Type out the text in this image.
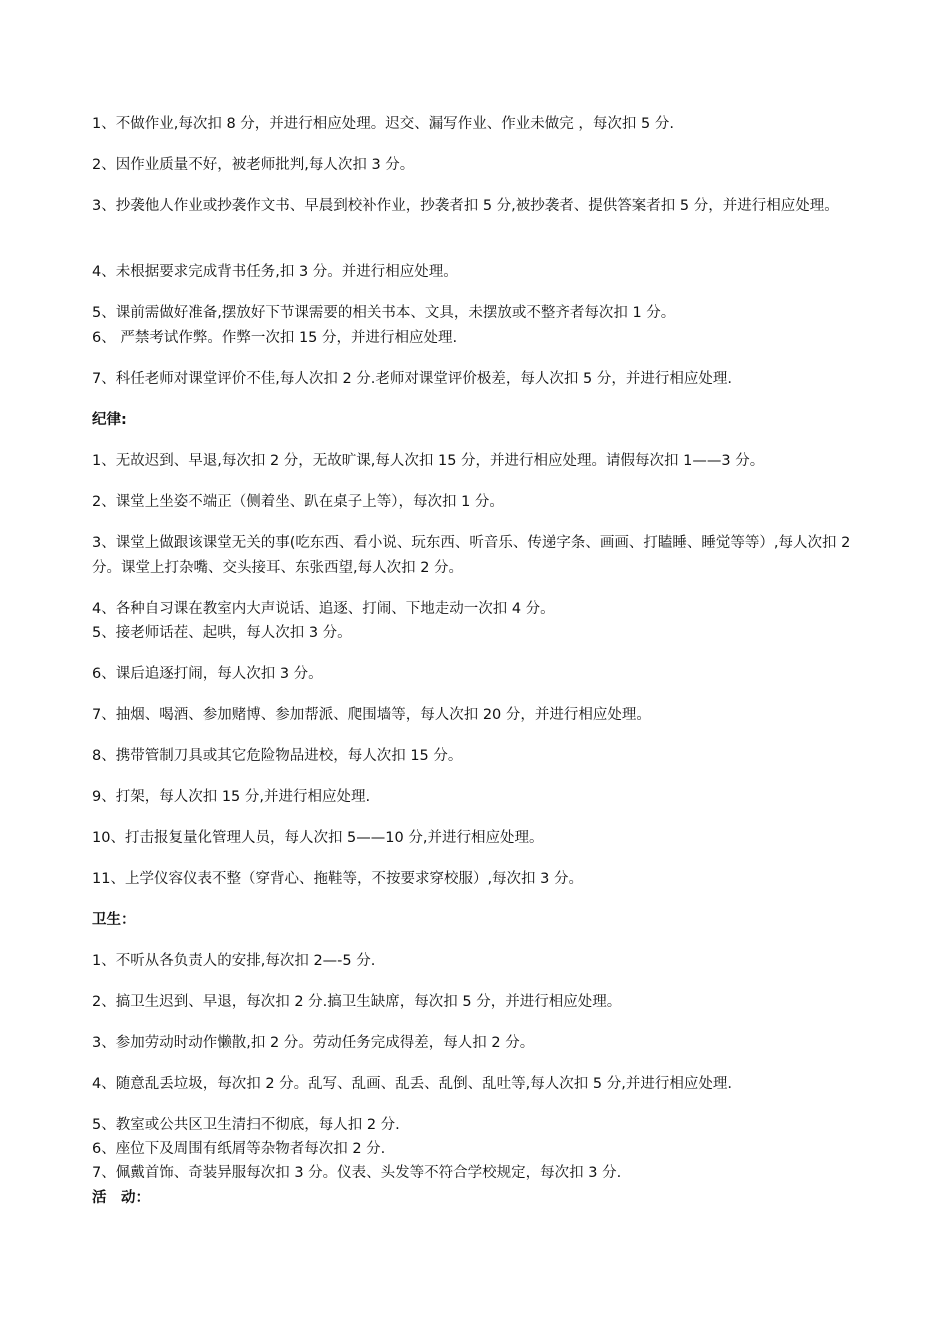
1、不做作业,每次扣 8 分，并进行相应处理。迟交、漏写作业、作业未做完 ，每次扣 5 分.
2、因作业质量不好，被老师批判,每人次扣 3 分。
3、抄袭他人作业或抄袭作文书、早晨到校补作业，抄袭者扣 5 分,被抄袭者、提供答案者扣 5 分，并进行相应处理。
4、未根据要求完成背书任务,扣 3 分。并进行相应处理。
5、课前需做好准备,摆放好下节课需要的相关书本、文具，未摆放或不整齐者每次扣 1 分。
6、 严禁考试作弊。作弊一次扣 15 分，并进行相应处理.
7、科任老师对课堂评价不佳,每人次扣 2 分.老师对课堂评价极差，每人次扣 5 分，并进行相应处理.
纪律:
1、无故迟到、早退,每次扣 2 分，无故旷课,每人次扣 15 分，并进行相应处理。请假每次扣 1——3 分。
2、课堂上坐姿不端正（侧着坐、趴在桌子上等），每次扣 1 分。
3、课堂上做跟该课堂无关的事(吃东西、看小说、玩东西、听音乐、传递字条、画画、打瞌睡、睡觉等等）,每人次扣 2 分。课堂上打杂嘴、交头接耳、东张西望,每人次扣 2 分。
4、各种自习课在教室内大声说话、追逐、打闹、下地走动一次扣 4 分。
5、接老师话茬、起哄，每人次扣 3 分。
6、课后追逐打闹，每人次扣 3 分。
7、抽烟、喝酒、参加赌博、参加帮派、爬围墙等，每人次扣 20 分，并进行相应处理。
8、携带管制刀具或其它危险物品进校，每人次扣 15 分。
9、打架，每人次扣 15 分,并进行相应处理.
10、打击报复量化管理人员，每人次扣 5——10 分,并进行相应处理。
11、上学仪容仪表不整（穿背心、拖鞋等，不按要求穿校服）,每次扣 3 分。
卫生：
1、不听从各负责人的安排,每次扣 2—-5 分.
2、搞卫生迟到、早退，每次扣 2 分.搞卫生缺席，每次扣 5 分，并进行相应处理。
3、参加劳动时动作懒散,扣 2 分。劳动任务完成得差，每人扣 2 分。
4、随意乱丢垃圾，每次扣 2 分。乱写、乱画、乱丢、乱倒、乱吐等,每人次扣 5 分,并进行相应处理.
5、教室或公共区卫生清扫不彻底，每人扣 2 分.
6、座位下及周围有纸屑等杂物者每次扣 2 分.
7、佩戴首饰、奇装异服每次扣 3 分。仪表、头发等不符合学校规定，每次扣 3 分.
活　动：
